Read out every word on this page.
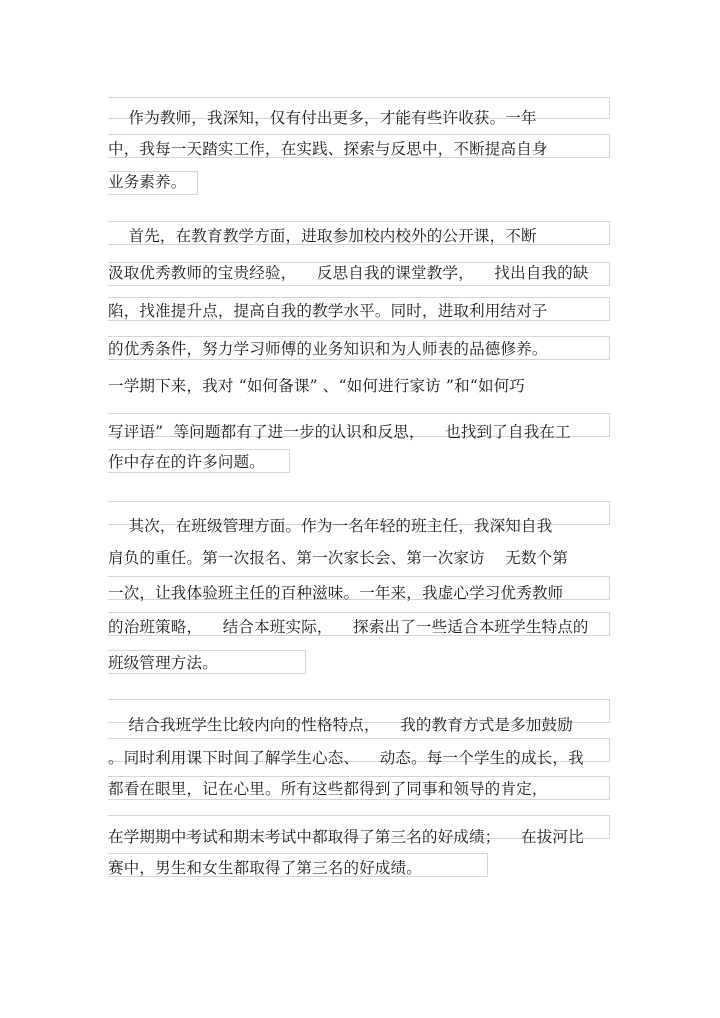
作为教师，我深知，仅有付出更多，才能有些许收获。一年
中，我每一天踏实工作，在实践、探索与反思中，不断提高自身
业务素养。
首先，在教育教学方面，进取参加校内校外的公开课，不断
汲取优秀教师的宝贵经验，    反思自我的课堂教学，    找出自我的缺
陷，找准提升点，提高自我的教学水平。同时，进取利用结对子
的优秀条件，努力学习师傅的业务知识和为人师表的品德修养。
一学期下来，我对 “如何备课” 、“如何进行家访 ”和“如何巧
写评语”  等问题都有了进一步的认识和反思，    也找到了自我在工
作中存在的许多问题。
其次，在班级管理方面。作为一名年轻的班主任，我深知自我
肩负的重任。第一次报名、第一次家长会、第一次家访    无数个第
一次，让我体验班主任的百种滋味。一年来，我虚心学习优秀教师
的治班策略，    结合本班实际，    探索出了一些适合本班学生特点的
班级管理方法。
结合我班学生比较内向的性格特点，    我的教育方式是多加鼓励
。同时利用课下时间了解学生心态、    动态。每一个学生的成长，我
都看在眼里，记在心里。所有这些都得到了同事和领导的肯定，
在学期期中考试和期末考试中都取得了第三名的好成绩；    在拔河比
赛中，男生和女生都取得了第三名的好成绩。
